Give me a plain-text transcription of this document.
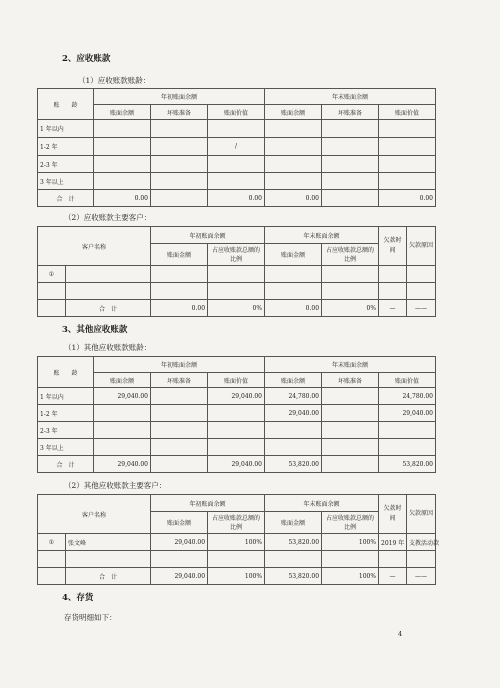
2、应收账款
（1）应收账款账龄：
账　　龄	年初账面余额			年末账面余额		
	账面余额	坏账准备	账面价值	账面余额	坏账准备	账面价值
1 年以内						
1-2 年			/			
2-3 年						
3 年以上						
合　计	0.00		0.00	0.00		0.00
（2）应收账款主要客户：
客户名称		年初账面余额		年末账面余额		欠款时间	欠款原因
		账面金额	占应收账款总额的比例	账面金额	占应收账款总额的比例		
①							

	合　计	0.00	0%	0.00	0%	—	——
3、其他应收账款
（1）其他应收账款账龄：
账　　龄	年初账面余额			年末账面余额		
	账面余额	坏账准备	账面价值	账面余额	坏账准备	账面价值
1 年以内	29,040.00		29,040.00	24,780.00		24,780.00
1-2 年				29,040.00		29,040.00
2-3 年						
3 年以上						
合　计	29,040.00		29,040.00	53,820.00		53,820.00
（2）其他应收账款主要客户：
客户名称		年初账面余额		年末账面余额		欠款时间	欠款原因
		账面金额	占应收账款总额的比例	账面金额	占应收账款总额的比例		
①	张文峰	29,040.00	100%	53,820.00	100%	2019 年	支教活动款

	合　计	29,040.00	100%	53,820.00	100%	—	——
4、存货
存货明细如下：
4
